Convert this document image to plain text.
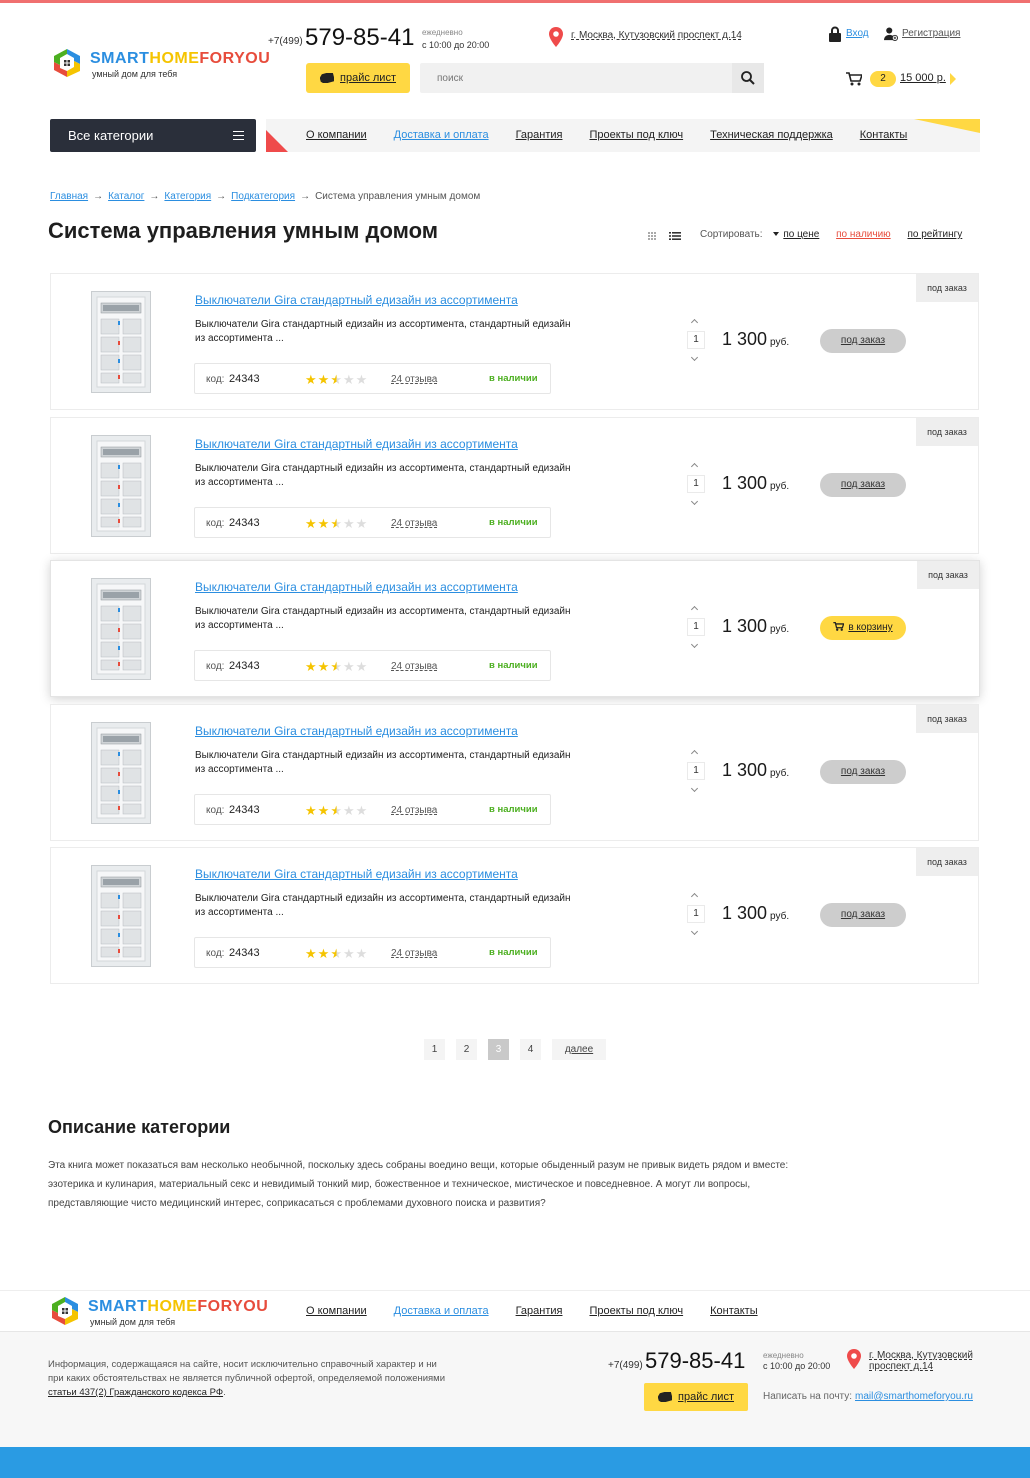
SMARTHOMEFORYOU
умный дом для тебя
+7(499) 579-85-41 ежедневно
с 10:00 до 20:00
г. Москва, Кутузовский проспект д.14	Вход	Регистрация
прайс лист
поиск	2	15 000 р.
Все категории	О компании Доставка и оплата Гарантия Проекты под ключ Техническая поддержка Контакты
Главная → Каталог → Категория → Подкатегория → Система управления умным домом
Система управления умным домом	Сортировать: по цене по наличию по рейтингу
под заказ
Выключатели Gira стандартный едизайн из ассортимента
Выключатели Gira стандартный едизайн из ассортимента, стандартный едизайн из ассортимента ...
код: 24343	★★★★★ 24 отзыва	в наличии
1	1 300 руб.	под заказ
под заказ
Выключатели Gira стандартный едизайн из ассортимента
Выключатели Gira стандартный едизайн из ассортимента, стандартный едизайн из ассортимента ...
код: 24343	★★★★★ 24 отзыва	в наличии
1	1 300 руб.	под заказ
под заказ
Выключатели Gira стандартный едизайн из ассортимента
Выключатели Gira стандартный едизайн из ассортимента, стандартный едизайн из ассортимента ...
код: 24343	★★★★★ 24 отзыва	в наличии
1	1 300 руб.	в корзину
под заказ
Выключатели Gira стандартный едизайн из ассортимента
Выключатели Gira стандартный едизайн из ассортимента, стандартный едизайн из ассортимента ...
код: 24343	★★★★★ 24 отзыва	в наличии
1	1 300 руб.	под заказ
под заказ
Выключатели Gira стандартный едизайн из ассортимента
Выключатели Gira стандартный едизайн из ассортимента, стандартный едизайн из ассортимента ...
код: 24343	★★★★★ 24 отзыва	в наличии
1	1 300 руб.	под заказ
1	2	3	4	далее
Описание категории

Эта книга может показаться вам несколько необычной, поскольку здесь собраны воедино вещи, которые обыденный разум не привык видеть рядом и вместе: эзотерика и кулинария, материальный секс и невидимый тонкий мир, божественное и техническое, мистическое и повседневное. А могут ли вопросы, представляющие чисто медицинский интерес, соприкасаться с проблемами духовного поиска и развития?

SMARTHOMEFORYOU
умный дом для тебя
О компании Доставка и оплата Гарантия Проекты под ключ Контакты
Информация, содержащаяся на сайте, носит исключительно справочный характер и ни при каких обстоятельствах не является публичной офертой, определяемой положениями статьи 437(2) Гражданского кодекса РФ.
+7(499) 579-85-41 ежедневно
с 10:00 до 20:00
г. Москва, Кутузовский проспект д.14
прайс лист	Написать на почту: mail@smarthomeforyou.ru
